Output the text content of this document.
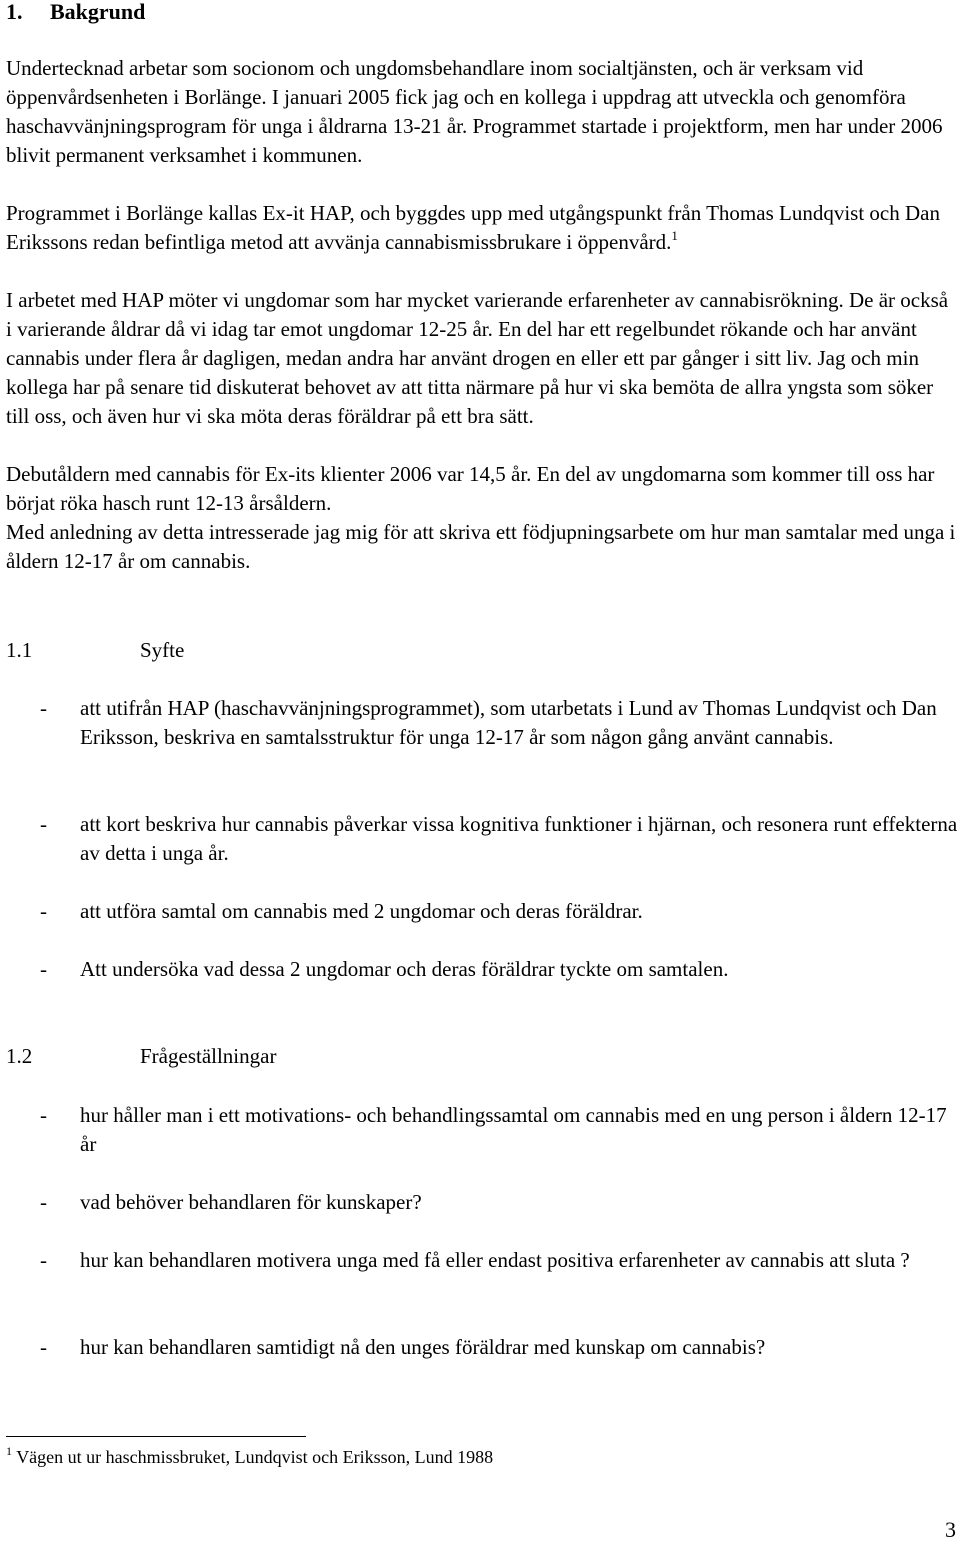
1. Bakgrund

Undertecknad arbetar som socionom och ungdomsbehandlare inom socialtjänsten, och är verksam vid öppenvårdsenheten i Borlänge. I januari 2005 fick jag och en kollega i uppdrag att utveckla och genomföra haschavvänjningsprogram för unga i åldrarna 13-21 år. Programmet startade i projektform, men har under 2006 blivit permanent verksamhet i kommunen.

Programmet i Borlänge kallas Ex-it HAP, och byggdes upp med utgångspunkt från Thomas Lundqvist och Dan Erikssons redan befintliga metod att avvänja cannabismissbrukare i öppenvård.$^1$

I arbetet med HAP möter vi ungdomar som har mycket varierande erfarenheter av cannabisrökning. De är också i varierande åldrar då vi idag tar emot ungdomar 12-25 år. En del har ett regelbundet rökande och har använt cannabis under flera år dagligen, medan andra har använt drogen en eller ett par gånger i sitt liv. Jag och min kollega har på senare tid diskuterat behovet av att titta närmare på hur vi ska bemöta de allra yngsta som söker till oss, och även hur vi ska möta deras föräldrar på ett bra sätt.

Debutåldern med cannabis för Ex-its klienter 2006 var 14,5 år. En del av ungdomarna som kommer till oss har börjat röka hasch runt 12-13 årsåldern.

Med anledning av detta intresserade jag mig för att skriva ett födjupningsarbete om hur man samtalar med unga i åldern 12-17 år om cannabis.

1.1	Syfte
- att utifrån HAP (haschavvänjningsprogrammet), som utarbetats i Lund av Thomas Lundqvist och Dan Eriksson, beskriva en samtalsstruktur för unga 12-17 år som någon gång använt cannabis.
- att kort beskriva hur cannabis påverkar vissa kognitiva funktioner i hjärnan, och resonera runt effekterna av detta i unga år.
- att utföra samtal om cannabis med 2 ungdomar och deras föräldrar.
- Att undersöka vad dessa 2 ungdomar och deras föräldrar tyckte om samtalen.
1.2	Frågeställningar
- hur håller man i ett motivations- och behandlingssamtal om cannabis med en ung person i åldern 12-17 år
- vad behöver behandlaren för kunskaper?
- hur kan behandlaren motivera unga med få eller endast positiva erfarenheter av cannabis att sluta ?
- hur kan behandlaren samtidigt nå den unges föräldrar med kunskap om cannabis?
$^1$ Vägen ut ur haschmissbruket, Lundqvist och Eriksson, Lund 1988
3
